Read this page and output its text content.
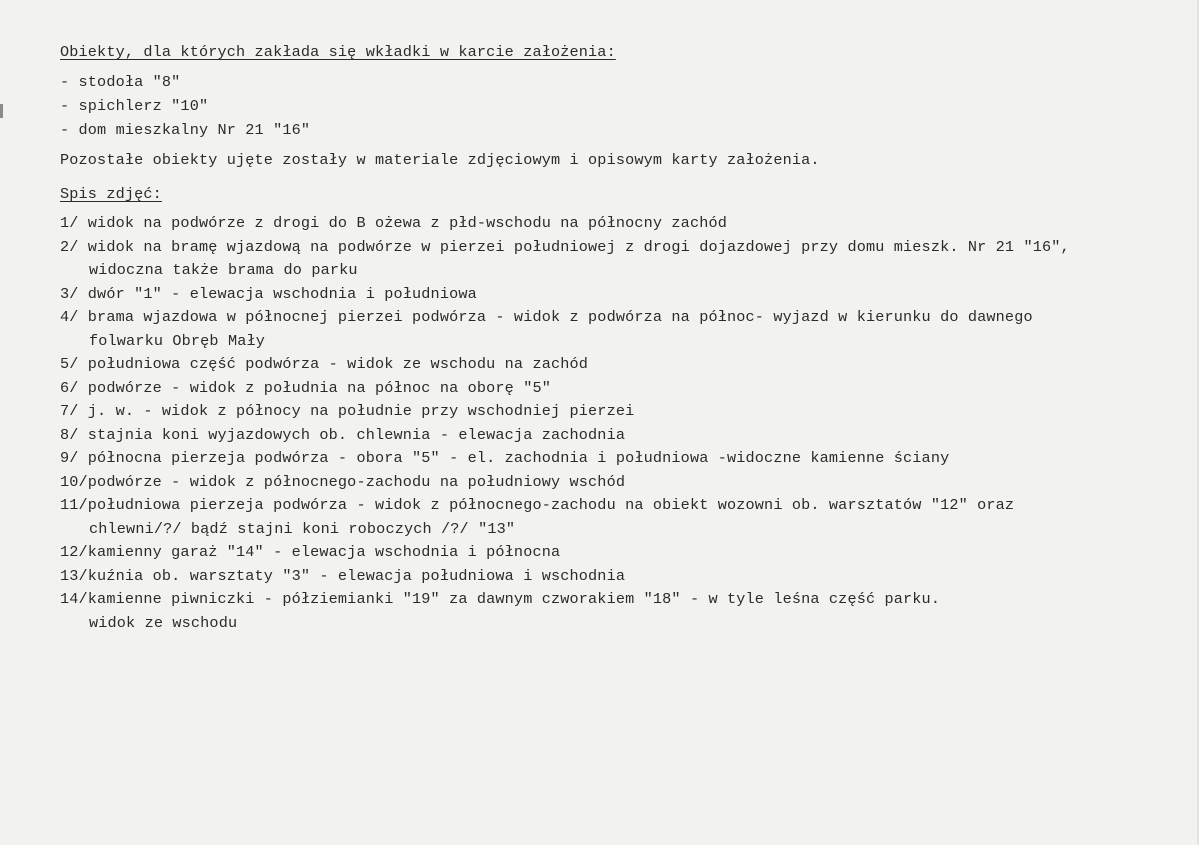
Obiekty, dla których zakłada się wkładki w karcie założenia:
- stodoła "8"
- spichlerz "10"
- dom mieszkalny Nr 21 "16"
Pozostałe obiekty ujęte zostały w materiale zdjęciowym i opisowym karty założenia.
Spis zdjęć:
1/ widok na podwórze z drogi do B ożewa z płd-wschodu na północny zachód
2/ widok na bramę wjazdową na podwórze w pierzei południowej z drogi dojazdowej przy domu mieszk. Nr 21 "16",
widoczna także brama do parku
3/ dwór "1" - elewacja wschodnia i południowa
4/ brama wjazdowa w północnej pierzei podwórza - widok z podwórza na północ- wyjazd w kierunku do dawnego
folwarku Obręb Mały
5/ południowa część podwórza - widok ze wschodu na zachód
6/ podwórze - widok z południa na północ na oborę "5"
7/ j. w. - widok z północy na południe przy wschodniej pierzei
8/ stajnia koni wyjazdowych ob. chlewnia - elewacja zachodnia
9/ północna pierzeja podwórza - obora "5" - el. zachodnia i południowa -widoczne kamienne ściany
10/podwórze - widok z północnego-zachodu na południowy wschód
11/południowa pierzeja podwórza - widok z północnego-zachodu na obiekt wozowni ob. warsztatów "12" oraz
chlewni/?/ bądź stajni koni roboczych /?/ "13"
12/kamienny garaż "14" - elewacja wschodnia i północna
13/kuźnia ob. warsztaty "3" - elewacja południowa i wschodnia
14/kamienne piwniczki - półziemianki "19" za dawnym czworakiem "18" - w tyle leśna część parku.
widok ze wschodu
